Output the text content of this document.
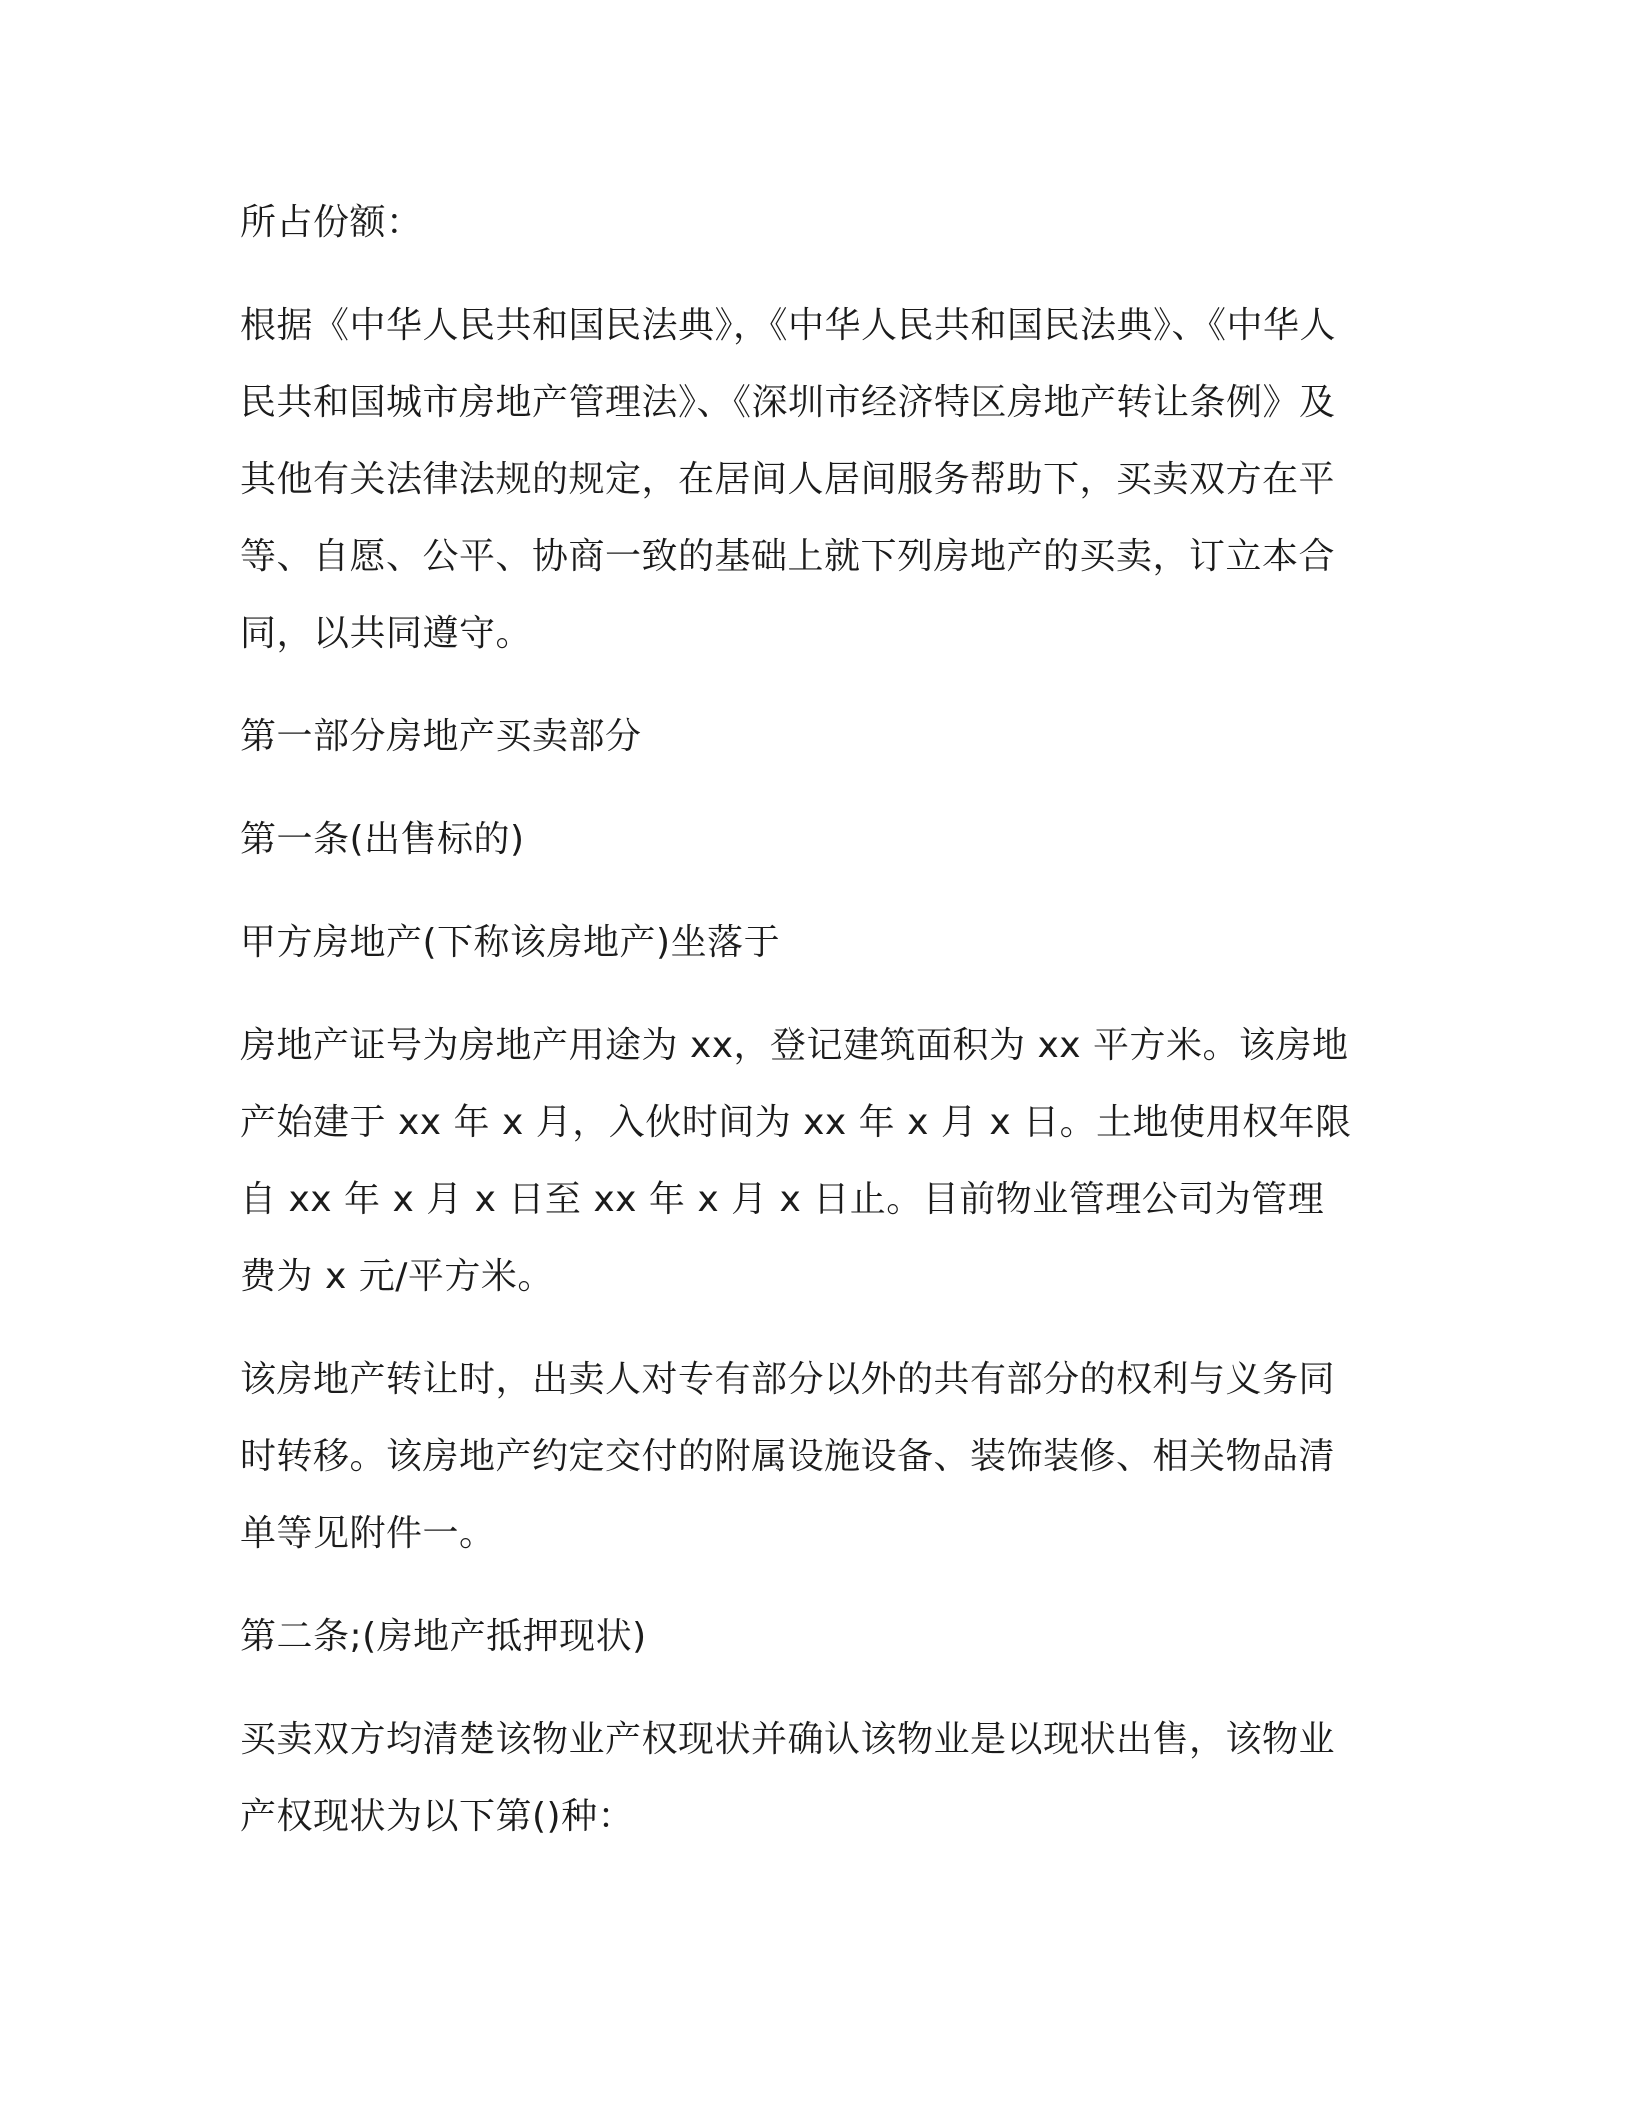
所占份额：

根据《中华人民共和国民法典》，《中华人民共和国民法典》、《中华人民共和国城市房地产管理法》、《深圳市经济特区房地产转让条例》及其他有关法律法规的规定，在居间人居间服务帮助下，买卖双方在平等、自愿、公平、协商一致的基础上就下列房地产的买卖，订立本合同，以共同遵守。

第一部分房地产买卖部分

第一条(出售标的)

甲方房地产(下称该房地产)坐落于

房地产证号为房地产用途为 xx，登记建筑面积为 xx 平方米。该房地产始建于 xx 年 x 月，入伙时间为 xx 年 x 月 x 日。土地使用权年限自 xx 年 x 月 x 日至 xx 年 x 月 x 日止。目前物业管理公司为管理费为 x 元/平方米。

该房地产转让时，出卖人对专有部分以外的共有部分的权利与义务同时转移。该房地产约定交付的附属设施设备、装饰装修、相关物品清单等见附件一。

第二条;(房地产抵押现状)

买卖双方均清楚该物业产权现状并确认该物业是以现状出售，该物业产权现状为以下第()种：
